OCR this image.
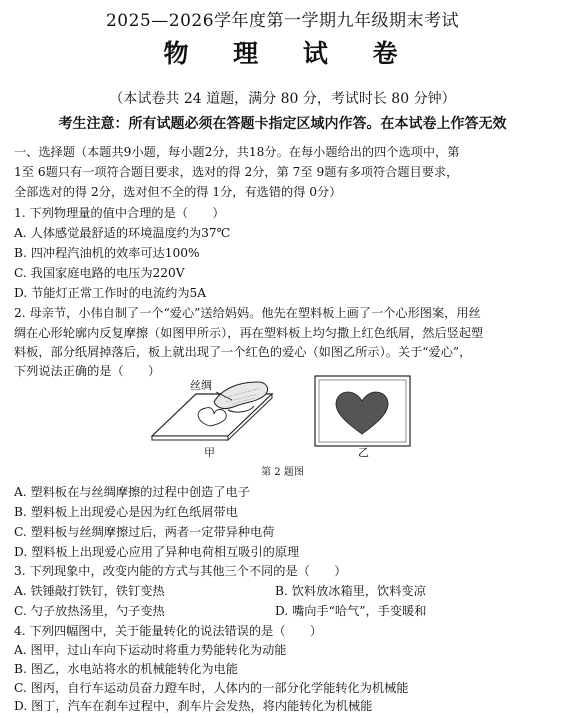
2025—2026学年度第一学期九年级期末考试
物 理 试 卷
（本试卷共 24 道题，满分 80 分，考试时长 80 分钟）
考生注意：所有试题必须在答题卡指定区域内作答。在本试卷上作答无效
一、选择题（本题共9小题，每小题2分，共18分。在每小题给出的四个选项中，第
1至 6题只有一项符合题目要求，选对的得 2分，第 7至 9题有多项符合题目要求，
全部选对的得 2分，选对但不全的得 1分，有选错的得 0分）
1. 下列物理量的值中合理的是（　　）
A. 人体感觉最舒适的环境温度约为37℃
B. 四冲程汽油机的效率可达100%
C. 我国家庭电路的电压为220V
D. 节能灯正常工作时的电流约为5A
2. 母亲节，小伟自制了一个“爱心”送给妈妈。他先在塑料板上画了一个心形图案，用丝
绸在心形轮廓内反复摩擦（如图甲所示），再在塑料板上均匀撒上红色纸屑，然后竖起塑
料板，部分纸屑掉落后，板上就出现了一个红色的爱心（如图乙所示）。关于“爱心”，
下列说法正确的是（　　）
丝绸
甲	乙
第 2 题图
A. 塑料板在与丝绸摩擦的过程中创造了电子
B. 塑料板上出现爱心是因为红色纸屑带电
C. 塑料板与丝绸摩擦过后，两者一定带异种电荷
D. 塑料板上出现爱心应用了异种电荷相互吸引的原理
3. 下列现象中，改变内能的方式与其他三个不同的是（　　）
A. 铁锤敲打铁钉，铁钉变热	B. 饮料放冰箱里，饮料变凉
C. 勺子放热汤里，勺子变热	D. 嘴向手“哈气”，手变暖和
4. 下列四幅图中，关于能量转化的说法错误的是（　　）
A. 图甲，过山车向下运动时将重力势能转化为动能
B. 图乙，水电站将水的机械能转化为电能
C. 图丙，自行车运动员奋力蹬车时，人体内的一部分化学能转化为机械能
D. 图丁，汽车在刹车过程中，刹车片会发热，将内能转化为机械能
